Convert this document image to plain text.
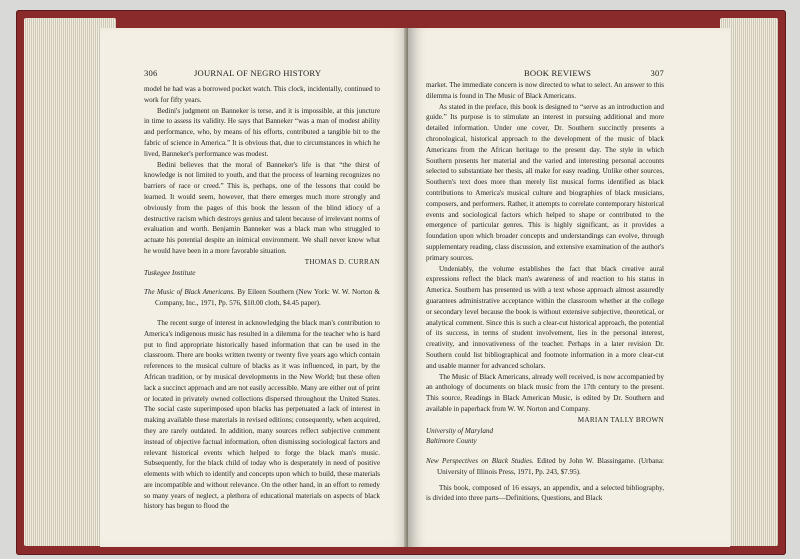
306	JOURNAL OF NEGRO HISTORY

model he had was a borrowed pocket watch. This clock, incidentally, continued to work for fifty years.

Bedini's judgment on Banneker is terse, and it is impossible, at this juncture in time to assess its validity. He says that Banneker “was a man of modest ability and performance, who, by means of his efforts, contributed a tangible bit to the fabric of science in America.” It is obvious that, due to circumstances in which he lived, Banneker's performance was modest.

Bedini believes that the moral of Banneker's life is that “the thirst of knowledge is not limited to youth, and that the process of learning recognizes no barriers of race or creed.” This is, perhaps, one of the lessons that could be learned. It would seem, however, that there emerges much more strongly and obviously from the pages of this book the lesson of the blind idiocy of a destructive racism which destroys genius and talent because of irrelevant norms of evaluation and worth. Benjamin Banneker was a black man who struggled to actuate his potential despite an inimical environment. We shall never know what he would have been in a more favorable situation.

THOMAS D. CURRAN

Tuskegee Institute

The Music of Black Americans. By Eileen Southern (New York: W. W. Norton & Company, Inc., 1971, Pp. 576, $10.00 cloth, $4.45 paper).

The recent surge of interest in acknowledging the black man's contribution to America's indigenous music has resulted in a dilemma for the teacher who is hard put to find appropriate historically based information that can be used in the classroom. There are books written twenty or twenty five years ago which contain references to the musical culture of blacks as it was influenced, in part, by the African tradition, or by musical developments in the New World; but these often lack a succinct approach and are not easily accessible. Many are either out of print or located in privately owned collections dispersed throughout the United States. The social caste superimposed upon blacks has perpetuated a lack of interest in making available these materials in revised editions; consequently, when acquired, they are rarely outdated. In addition, many sources reflect subjective comment instead of objective factual information, often dismissing sociological factors and relevant historical events which helped to forge the black man's music. Subsequently, for the black child of today who is desperately in need of positive elements with which to identify and concepts upon which to build, these materials are incompatible and without relevance. On the other hand, in an effort to remedy so many years of neglect, a plethora of educational materials on aspects of black history has begun to flood the

BOOK REVIEWS	307

market. The immediate concern is now directed to what to select. An answer to this dilemma is found in The Music of Black Americans.

As stated in the preface, this book is designed to “serve as an introduction and guide.” Its purpose is to stimulate an interest in pursuing additional and more detailed information. Under one cover, Dr. Southern succinctly presents a chronological, historical approach to the development of the music of black Americans from the African heritage to the present day. The style in which Southern presents her material and the varied and interesting personal accounts selected to substantiate her thesis, all make for easy reading. Unlike other sources, Southern's text does more than merely list musical forms identified as black contributions to America's musical culture and biographies of black musicians, composers, and performers. Rather, it attempts to correlate contemporary historical events and sociological factors which helped to shape or contributed to the emergence of particular genres. This is highly significant, as it provides a foundation upon which broader concepts and understandings can evolve, through supplementary reading, class discussion, and extensive examination of the author's primary sources.

Undeniably, the volume establishes the fact that black creative aural expressions reflect the black man's awareness of and reaction to his status in America. Southern has presented us with a text whose approach almost assuredly guarantees administrative acceptance within the classroom whether at the college or secondary level because the book is without extensive subjective, theoretical, or analytical comment. Since this is such a clear-cut historical approach, the potential of its success, in terms of student involvement, lies in the personal interest, creativity, and innovativeness of the teacher. Perhaps in a later revision Dr. Southern could list bibliographical and footnote information in a more clear-cut and usable manner for advanced scholars.

The Music of Black Americans, already well received, is now accompanied by an anthology of documents on black music from the 17th century to the present. This source, Readings in Black American Music, is edited by Dr. Southern and available in paperback from W. W. Norton and Company.

MARIAN TALLY BROWN

University of Maryland

Baltimore County

New Perspectives on Black Studies. Edited by John W. Blassingame. (Urbana: University of Illinois Press, 1971, Pp. 243, $7.95).

This book, composed of 16 essays, an appendix, and a selected bibliography, is divided into three parts—Definitions, Questions, and Black
